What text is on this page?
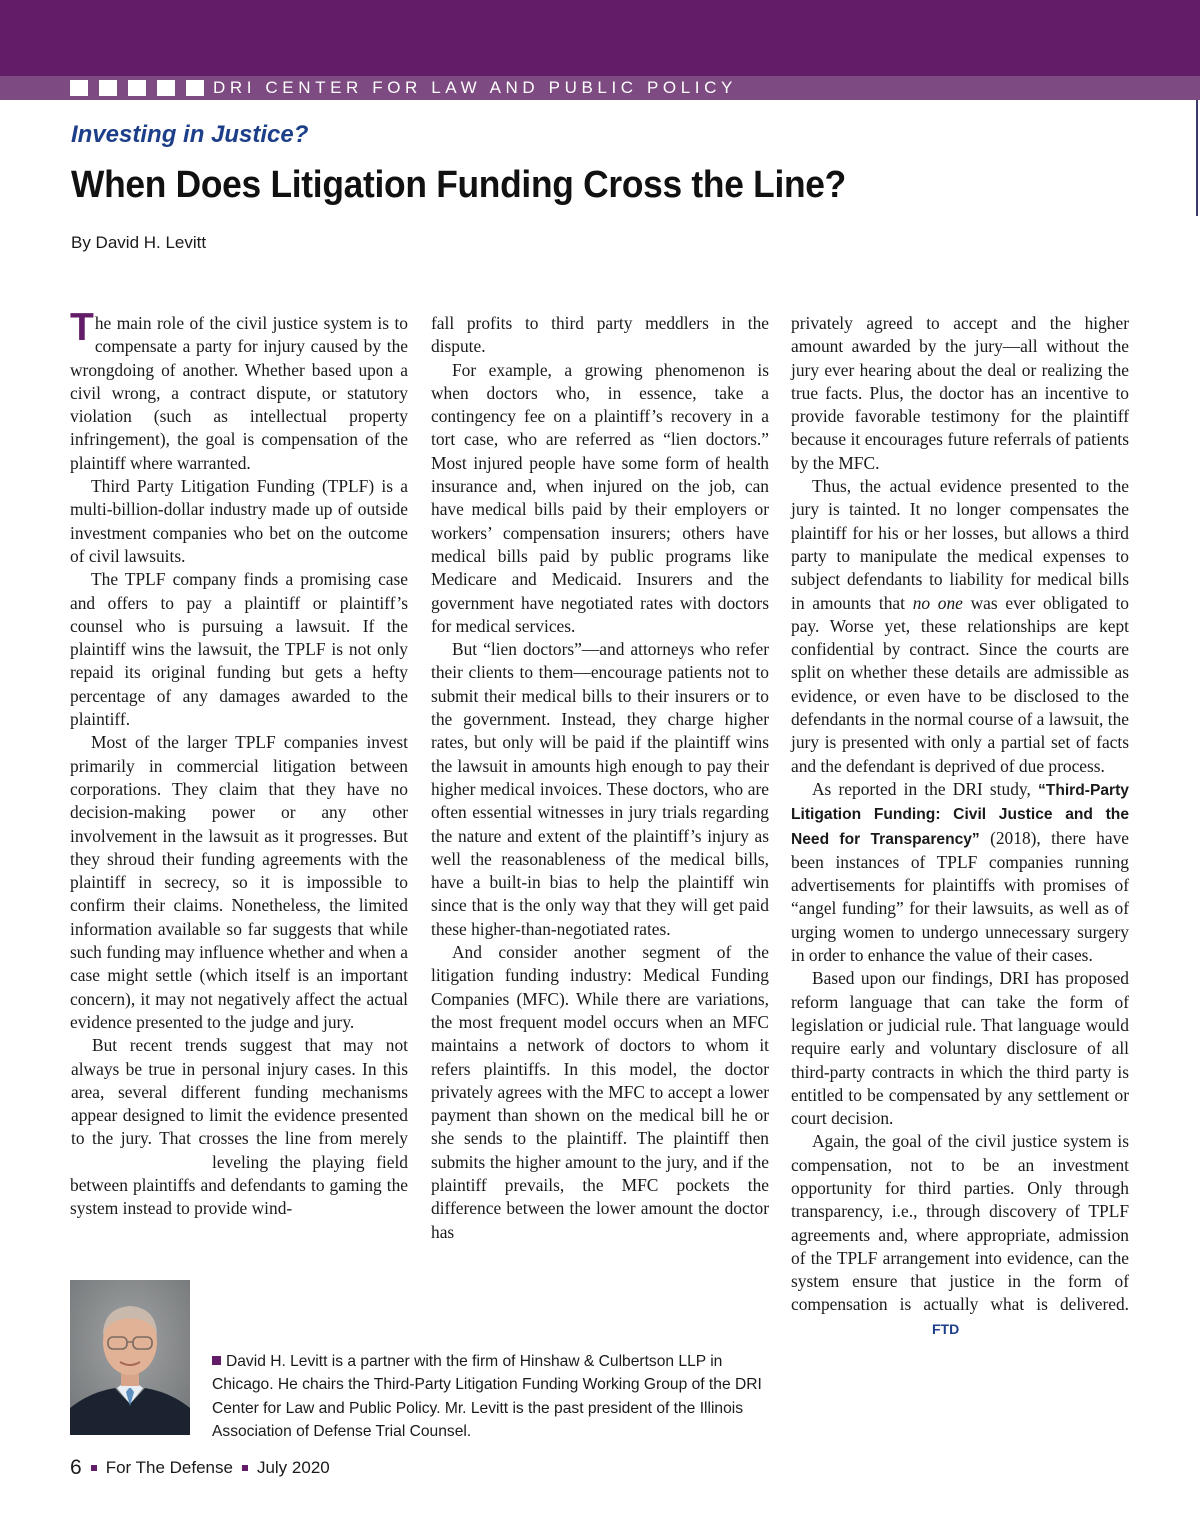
DRI CENTER FOR LAW AND PUBLIC POLICY
Investing in Justice?
When Does Litigation Funding Cross the Line?
By David H. Levitt

The main role of the civil justice system is to compensate a party for injury caused by the wrongdoing of another. Whether based upon a civil wrong, a contract dispute, or statutory violation (such as intellectual property infringement), the goal is compensation of the plaintiff where warranted.

Third Party Litigation Funding (TPLF) is a multi-billion-dollar industry made up of outside investment companies who bet on the outcome of civil lawsuits.

The TPLF company finds a promising case and offers to pay a plaintiff or plaintiff’s counsel who is pursuing a lawsuit. If the plaintiff wins the lawsuit, the TPLF is not only repaid its original funding but gets a hefty percentage of any damages awarded to the plaintiff.

Most of the larger TPLF companies invest primarily in commercial litigation between corporations. They claim that they have no decision-making power or any other involvement in the lawsuit as it progresses. But they shroud their funding agreements with the plaintiff in secrecy, so it is impossible to confirm their claims. Nonetheless, the limited information available so far suggests that while such funding may influence whether and when a case might settle (which itself is an important concern), it may not negatively affect the actual evidence presented to the judge and jury.

But recent trends suggest that may not always be true in personal injury cases. In this area, several different funding mechanisms appear designed to limit the evidence presented to the jury. That crosses the line from merely leveling the playing field between plaintiffs and defendants to gaming the system instead to provide wind-

fall profits to third party meddlers in the dispute.

For example, a growing phenomenon is when doctors who, in essence, take a contingency fee on a plaintiff’s recovery in a tort case, who are referred as “lien doctors.” Most injured people have some form of health insurance and, when injured on the job, can have medical bills paid by their employers or workers’ compensation insurers; others have medical bills paid by public programs like Medicare and Medicaid. Insurers and the government have negotiated rates with doctors for medical services.

But “lien doctors”—and attorneys who refer their clients to them—encourage patients not to submit their medical bills to their insurers or to the government. Instead, they charge higher rates, but only will be paid if the plaintiff wins the lawsuit in amounts high enough to pay their higher medical invoices. These doctors, who are often essential witnesses in jury trials regarding the nature and extent of the plaintiff’s injury as well the reasonableness of the medical bills, have a built-in bias to help the plaintiff win since that is the only way that they will get paid these higher-than-negotiated rates.

And consider another segment of the litigation funding industry: Medical Funding Companies (MFC). While there are variations, the most frequent model occurs when an MFC maintains a network of doctors to whom it refers plaintiffs. In this model, the doctor privately agrees with the MFC to accept a lower payment than shown on the medical bill he or she sends to the plaintiff. The plaintiff then submits the higher amount to the jury, and if the plaintiff prevails, the MFC pockets the difference between the lower amount the doctor has

privately agreed to accept and the higher amount awarded by the jury—all without the jury ever hearing about the deal or realizing the true facts. Plus, the doctor has an incentive to provide favorable testimony for the plaintiff because it encourages future referrals of patients by the MFC.

Thus, the actual evidence presented to the jury is tainted. It no longer compensates the plaintiff for his or her losses, but allows a third party to manipulate the medical expenses to subject defendants to liability for medical bills in amounts that no one was ever obligated to pay. Worse yet, these relationships are kept confidential by contract. Since the courts are split on whether these details are admissible as evidence, or even have to be disclosed to the defendants in the normal course of a lawsuit, the jury is presented with only a partial set of facts and the defendant is deprived of due process.

As reported in the DRI study, “Third-Party Litigation Funding: Civil Justice and the Need for Transparency” (2018), there have been instances of TPLF companies running advertisements for plaintiffs with promises of “angel funding” for their lawsuits, as well as of urging women to undergo unnecessary surgery in order to enhance the value of their cases.

Based upon our findings, DRI has proposed reform language that can take the form of legislation or judicial rule. That language would require early and voluntary disclosure of all third-party contracts in which the third party is entitled to be compensated by any settlement or court decision.

Again, the goal of the civil justice system is compensation, not to be an investment opportunity for third parties. Only through transparency, i.e., through discovery of TPLF agreements and, where appropriate, admission of the TPLF arrangement into evidence, can the system ensure that justice in the form of compensation is actually what is delivered.FTD

David H. Levitt is a partner with the firm of Hinshaw & Culbertson LLP in Chicago. He chairs the Third-Party Litigation Funding Working Group of the DRI Center for Law and Public Policy. Mr. Levitt is the past president of the Illinois Association of Defense Trial Counsel.
6 For The Defense July 2020
